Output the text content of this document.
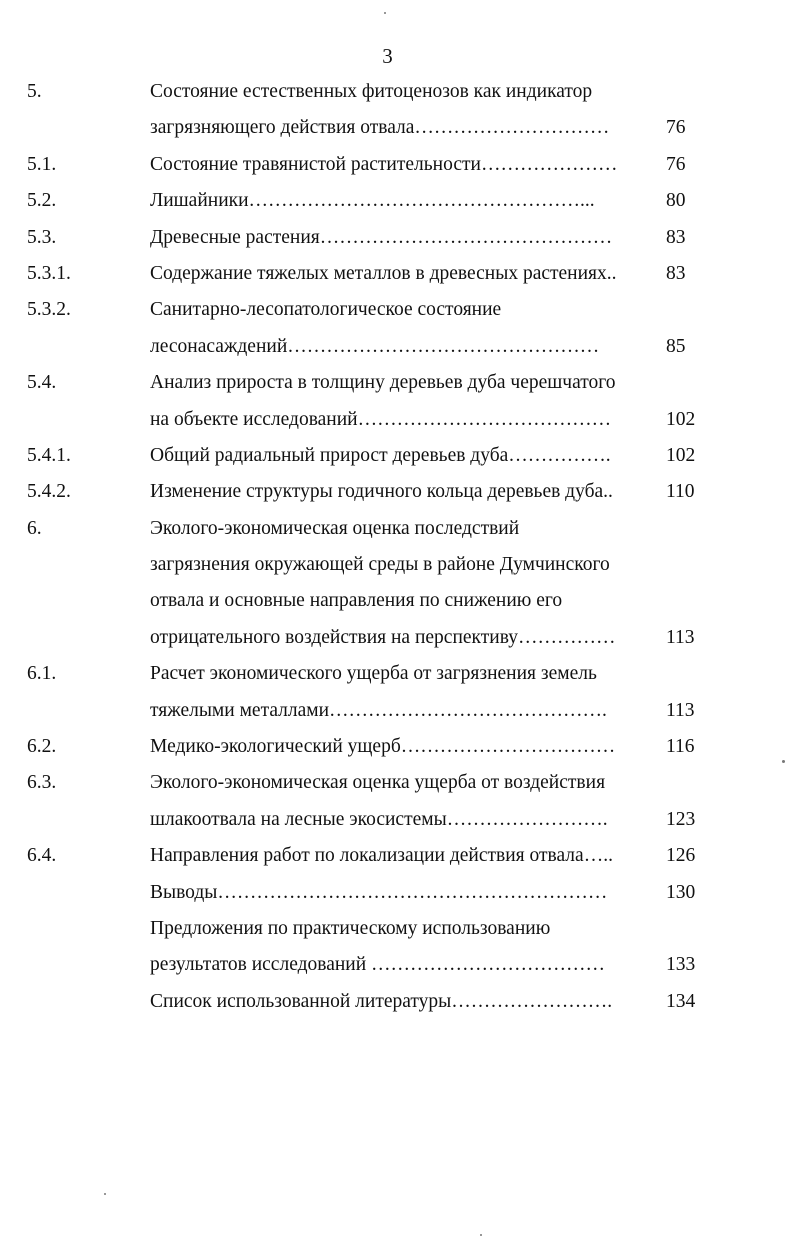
3
5.	Состояние естественных фитоценозов как индикатор
загрязняющего действия отвала…………………………	76
5.1.	Состояние травянистой растительности…………………	76
5.2.	Лишайники……………………………………………...	80
5.3.	Древесные растения………………………………………	83
5.3.1.	Содержание тяжелых металлов в древесных растениях..	83
5.3.2.	Санитарно-лесопатологическое состояние
лесонасаждений…………………………………………	85
5.4.	Анализ прироста в толщину деревьев дуба черешчатого
на объекте исследований…………………………………	102
5.4.1.	Общий радиальный прирост деревьев дуба…………….	102
5.4.2.	Изменение структуры годичного кольца деревьев дуба..	110
6.	Эколого-экономическая оценка последствий
загрязнения окружающей среды в районе Думчинского
отвала и основные направления по снижению его
отрицательного воздействия на перспективу……………	113
6.1.	Расчет экономического ущерба от загрязнения земель
тяжелыми металлами…………………………………….	113
6.2.	Медико-экологический ущерб……………………………	116
6.3.	Эколого-экономическая оценка ущерба от воздействия
шлакоотвала на лесные экосистемы…………………….	123
6.4.	Направления работ по локализации действия отвала…..	126
Выводы……………………………………………………	130
Предложения по практическому использованию
результатов исследований ………………………………	133
Список использованной литературы…………………….	134
